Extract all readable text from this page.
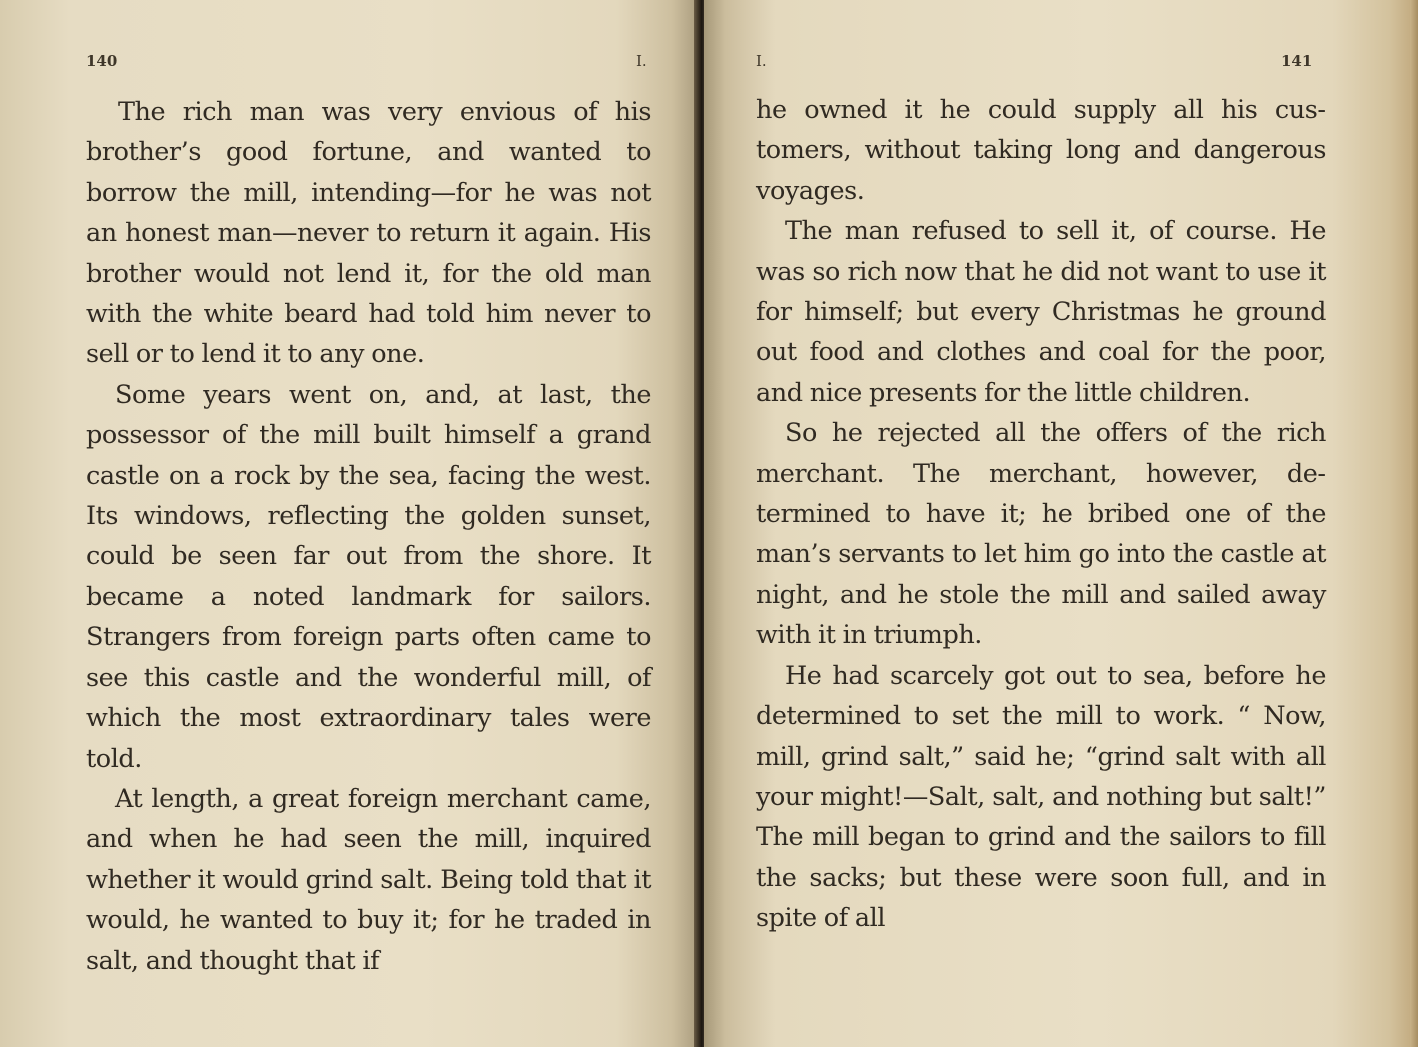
140	I.

The rich man was very envious of his brother’s good fortune, and wanted to borrow the mill, intending—for he was not an honest man—never to return it again. His brother would not lend it, for the old man with the white beard had told him never to sell or to lend it to any one.

Some years went on, and, at last, the possessor of the mill built himself a grand castle on a rock by the sea, facing the west. Its windows, reflecting the golden sunset, could be seen far out from the shore. It became a noted landmark for sailors. Strangers from foreign parts often came to see this castle and the wonderful mill, of which the most extraordinary tales were told.

At length, a great foreign merchant came, and when he had seen the mill, inquired whether it would grind salt. Being told that it would, he wanted to buy it; for he traded in salt, and thought that if

I.	141

he owned it he could supply all his customers, without taking long and dangerous voyages.

The man refused to sell it, of course. He was so rich now that he did not want to use it for himself; but every Christmas he ground out food and clothes and coal for the poor, and nice presents for the little children.

So he rejected all the offers of the rich merchant. The merchant, however, determined to have it; he bribed one of the man’s servants to let him go into the castle at night, and he stole the mill and sailed away with it in triumph.

He had scarcely got out to sea, before he determined to set the mill to work. “ Now, mill, grind salt,” said he; “grind salt with all your might!—Salt, salt, and nothing but salt!” The mill began to grind and the sailors to fill the sacks; but these were soon full, and in spite of all
